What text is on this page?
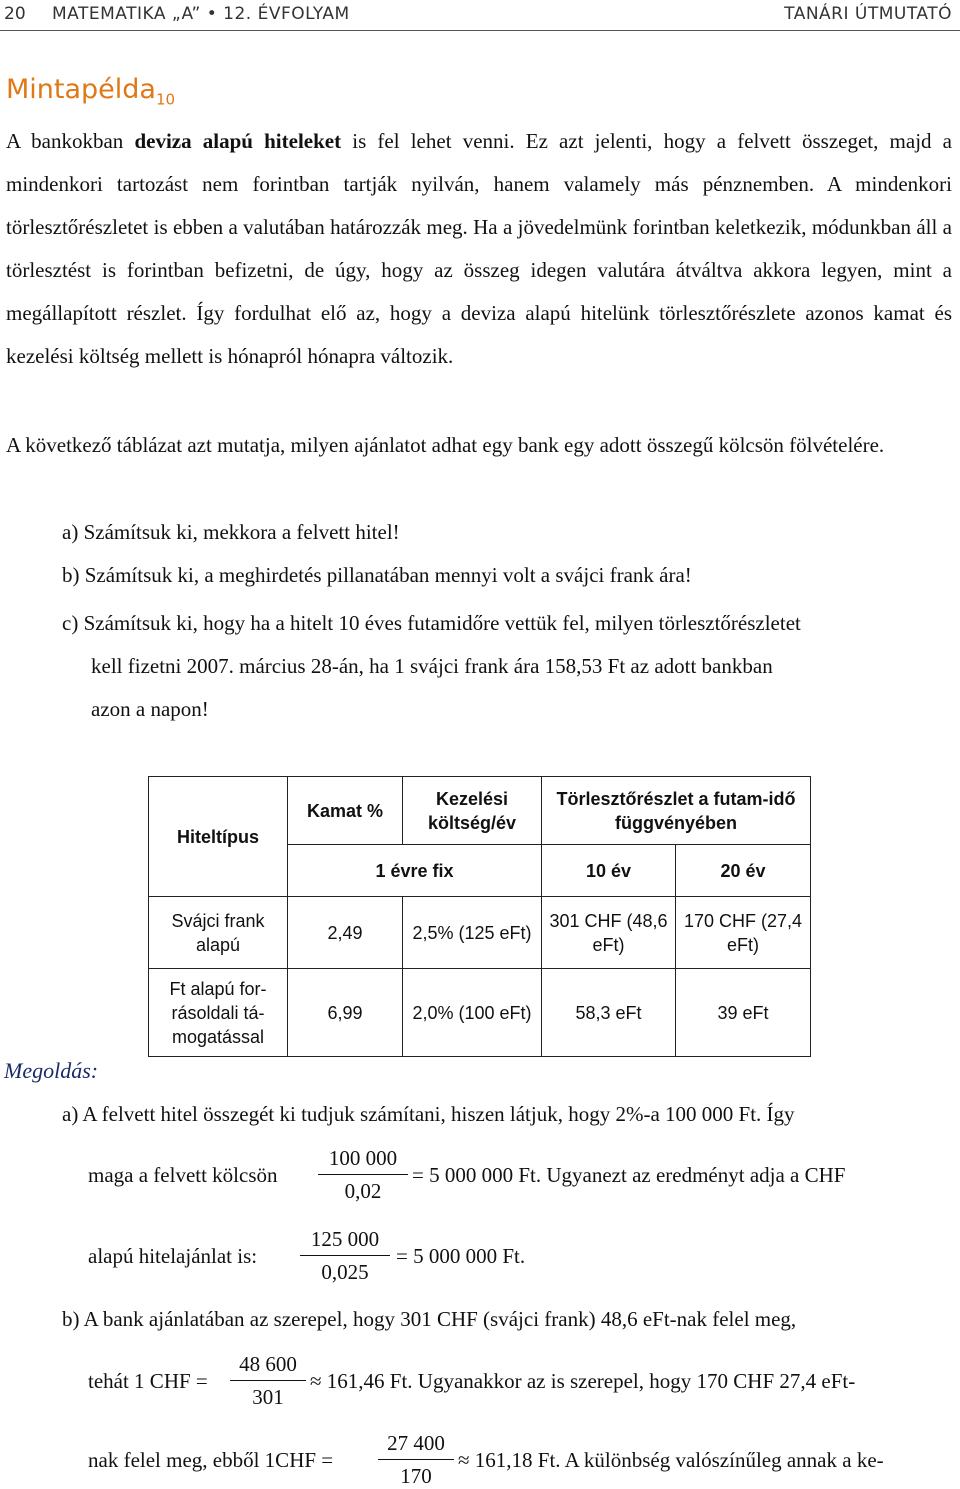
20 MATEMATIKA „A” • 12. ÉVFOLYAM	TANÁRI ÚTMUTATÓ
Mintapélda$_{10}$
A bankokban deviza alapú hiteleket is fel lehet venni. Ez azt jelenti, hogy a felvett összeget, majd a mindenkori tartozást nem forintban tartják nyilván, hanem valamely más pénznemben. A mindenkori törlesztőrészletet is ebben a valutában határozzák meg. Ha a jövedelmünk forintban keletkezik, módunkban áll a törlesztést is forintban befizetni, de úgy, hogy az összeg idegen valutára átváltva akkora legyen, mint a megállapított részlet. Így fordulhat elő az, hogy a deviza alapú hitelünk törlesztőrészlete azonos kamat és kezelési költség mellett is hónapról hónapra változik.
A következő táblázat azt mutatja, milyen ajánlatot adhat egy bank egy adott összegű kölcsön fölvételére.
a) Számítsuk ki, mekkora a felvett hitel!
b) Számítsuk ki, a meghirdetés pillanatában mennyi volt a svájci frank ára!
c) Számítsuk ki, hogy ha a hitelt 10 éves futamidőre vettük fel, milyen törlesztőrészletet
kell fizetni 2007. március 28-án, ha 1 svájci frank ára 158,53 Ft az adott bankban
azon a napon!
Hiteltípus	Kamat %	Kezelési költség/év	Törlesztőrészlet a futam-idő függvényében	
	1 évre fix		10 év	20 év
Svájci frank alapú	2,49	2,5% (125 eFt)	301 CHF (48,6 eFt)	170 CHF (27,4 eFt)
Ft alapú for-rásoldali tá-mogatással	6,99	2,0% (100 eFt)	58,3 eFt	39 eFt
Megoldás:
a) A felvett hitel összegét ki tudjuk számítani, hiszen látjuk, hogy 2%-a 100 000 Ft. Így
maga a felvett kölcsön
100 000
0,02
= 5 000 000 Ft. Ugyanezt az eredményt adja a CHF
alapú hitelajánlat is:
125 000
0,025
= 5 000 000 Ft.
b) A bank ajánlatában az szerepel, hogy 301 CHF (svájci frank) 48,6 eFt-nak felel meg,
tehát 1 CHF =
48 600
301
≈ 161,46 Ft. Ugyanakkor az is szerepel, hogy 170 CHF 27,4 eFt-
nak felel meg, ebből 1CHF =
27 400
170
≈ 161,18 Ft. A különbség valószínűleg annak a ke-
